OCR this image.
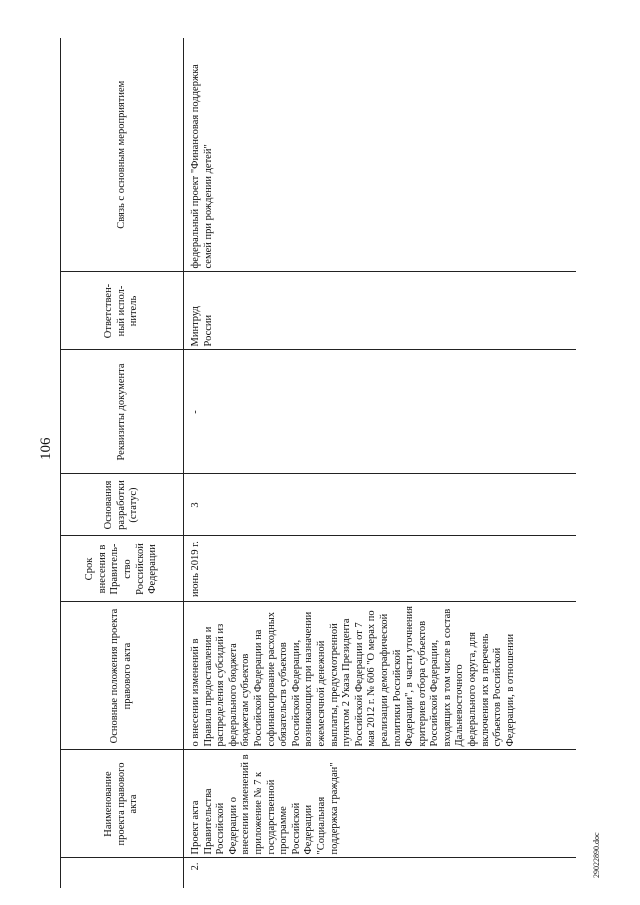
106
	Наименование проекта правового акта	Основные положения проекта правового акта	Срок внесения в Правитель-ство Российской Федерации	Основания разработки (статус)	Реквизиты документа	Ответствен-ный испол-нитель	Связь с основным мероприятием
2.	Проект акта Правительства Российской Федерации о внесении изменений в приложение № 7 к государственной программе Российской Федерации "Социальная поддержка граждан"	о внесении изменений в Правила предоставления и распределения субсидий из федерального бюджета бюджетам субъектов Российской Федерации на софинансирование расходных обязательств субъектов Российской Федерации, возникающих при назначении ежемесячной денежной выплаты, предусмотренной пунктом 2 Указа Президента Российской Федерации от 7 мая 2012 г. № 606 "О мерах по реализации демографической политики Российской Федерации", в части уточнения критериев отбора субъектов Российской Федерации, входящих в том числе в состав Дальневосточного федерального округа, для включения их в перечень субъектов Российской Федерации, в отношении	июнь 2019 г.	3	-	Минтруд России	федеральный проект "Финансовая поддержка семей при рождении детей"
29022890.doc
